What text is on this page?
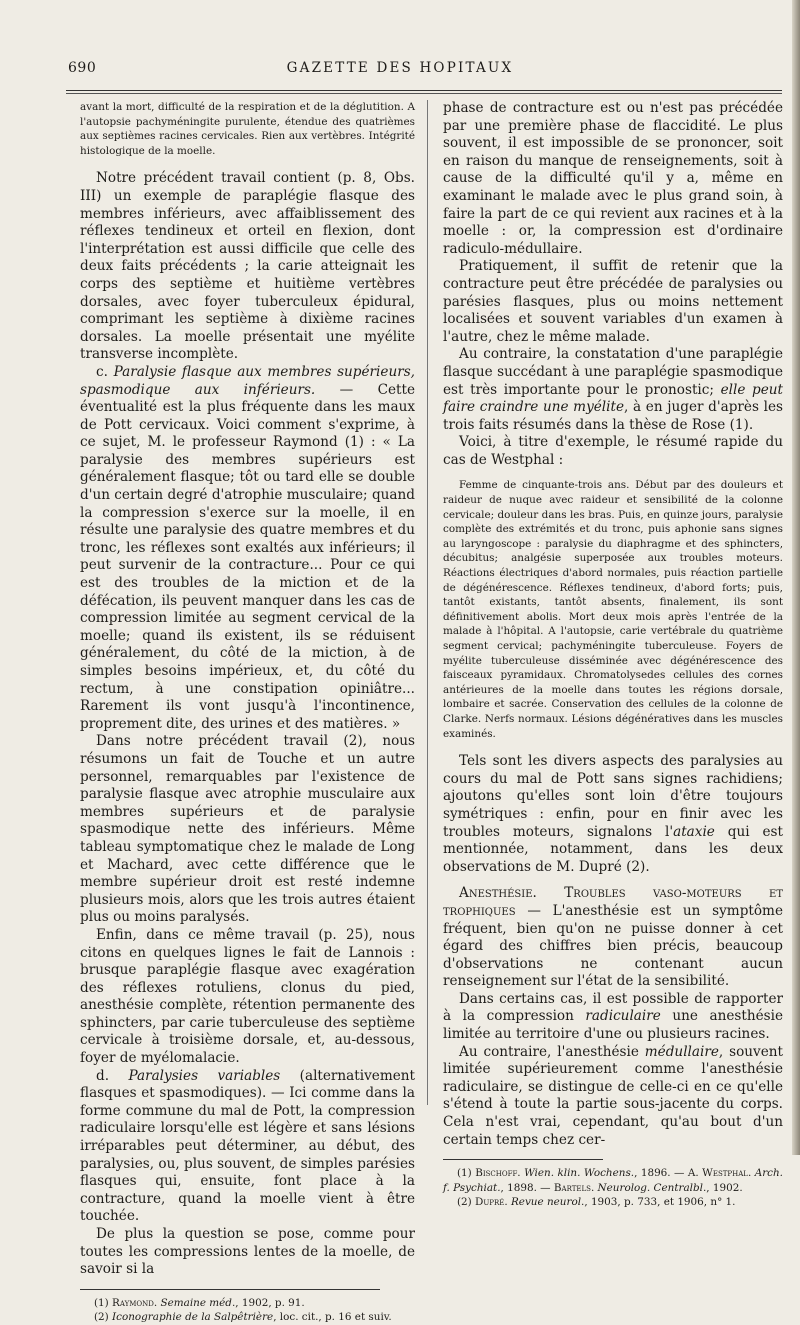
690	GAZETTE DES HOPITAUX

avant la mort, difficulté de la respiration et de la déglutition. A l'autopsie pachyméningite purulente, étendue des quatrièmes aux septièmes racines cervicales. Rien aux vertèbres. Intégrité histologique de la moelle.

Notre précédent travail contient (p. 8, Obs. III) un exemple de paraplégie flasque des membres inférieurs, avec affaiblissement des réflexes tendineux et orteil en flexion, dont l'interprétation est aussi difficile que celle des deux faits précédents ; la carie atteignait les corps des septième et huitième vertèbres dorsales, avec foyer tuberculeux épidural, comprimant les septième à dixième racines dorsales. La moelle présentait une myélite transverse incomplète.

c. Paralysie flasque aux membres supérieurs, spasmodique aux inférieurs. — Cette éventualité est la plus fréquente dans les maux de Pott cervicaux. Voici comment s'exprime, à ce sujet, M. le professeur Raymond (1) : « La paralysie des membres supérieurs est généralement flasque; tôt ou tard elle se double d'un certain degré d'atrophie musculaire; quand la compression s'exerce sur la moelle, il en résulte une paralysie des quatre membres et du tronc, les réflexes sont exaltés aux inférieurs; il peut survenir de la contracture... Pour ce qui est des troubles de la miction et de la défécation, ils peuvent manquer dans les cas de compression limitée au segment cervical de la moelle; quand ils existent, ils se réduisent généralement, du côté de la miction, à de simples besoins impérieux, et, du côté du rectum, à une constipation opiniâtre... Rarement ils vont jusqu'à l'incontinence, proprement dite, des urines et des matières. »

Dans notre précédent travail (2), nous résumons un fait de Touche et un autre personnel, remarquables par l'existence de paralysie flasque avec atrophie musculaire aux membres supérieurs et de paralysie spasmodique nette des inférieurs. Même tableau symptomatique chez le malade de Long et Machard, avec cette différence que le membre supérieur droit est resté indemne plusieurs mois, alors que les trois autres étaient plus ou moins paralysés.

Enfin, dans ce même travail (p. 25), nous citons en quelques lignes le fait de Lannois : brusque paraplégie flasque avec exagération des réflexes rotuliens, clonus du pied, anesthésie complète, rétention permanente des sphincters, par carie tuberculeuse des septième cervicale à troisième dorsale, et, au-dessous, foyer de myélomalacie.

d. Paralysies variables (alternativement flasques et spasmodiques). — Ici comme dans la forme commune du mal de Pott, la compression radiculaire lorsqu'elle est légère et sans lésions irréparables peut déterminer, au début, des paralysies, ou, plus souvent, de simples parésies flasques qui, ensuite, font place à la contracture, quand la moelle vient à être touchée.

De plus la question se pose, comme pour toutes les compressions lentes de la moelle, de savoir si la

(1) Raymond. Semaine méd., 1902, p. 91.

(2) Iconographie de la Salpêtrière, loc. cit., p. 16 et suiv.

phase de contracture est ou n'est pas précédée par une première phase de flaccidité. Le plus souvent, il est impossible de se prononcer, soit en raison du manque de renseignements, soit à cause de la difficulté qu'il y a, même en examinant le malade avec le plus grand soin, à faire la part de ce qui revient aux racines et à la moelle : or, la compression est d'ordinaire radiculo-médullaire.

Pratiquement, il suffit de retenir que la contracture peut être précédée de paralysies ou parésies flasques, plus ou moins nettement localisées et souvent variables d'un examen à l'autre, chez le même malade.

Au contraire, la constatation d'une paraplégie flasque succédant à une paraplégie spasmodique est très importante pour le pronostic; elle peut faire craindre une myélite, à en juger d'après les trois faits résumés dans la thèse de Rose (1).

Voici, à titre d'exemple, le résumé rapide du cas de Westphal :

Femme de cinquante-trois ans. Début par des douleurs et raideur de nuque avec raideur et sensibilité de la colonne cervicale; douleur dans les bras. Puis, en quinze jours, paralysie complète des extrémités et du tronc, puis aphonie sans signes au laryngoscope : paralysie du diaphragme et des sphincters, décubitus; analgésie superposée aux troubles moteurs. Réactions électriques d'abord normales, puis réaction partielle de dégénérescence. Réflexes tendineux, d'abord forts; puis, tantôt existants, tantôt absents, finalement, ils sont définitivement abolis. Mort deux mois après l'entrée de la malade à l'hôpital. A l'autopsie, carie vertébrale du quatrième segment cervical; pachyméningite tuberculeuse. Foyers de myélite tuberculeuse disséminée avec dégénérescence des faisceaux pyramidaux. Chromatolysedes cellules des cornes antérieures de la moelle dans toutes les régions dorsale, lombaire et sacrée. Conservation des cellules de la colonne de Clarke. Nerfs normaux. Lésions dégénératives dans les muscles examinés.

Tels sont les divers aspects des paralysies au cours du mal de Pott sans signes rachidiens; ajoutons qu'elles sont loin d'être toujours symétriques : enfin, pour en finir avec les troubles moteurs, signalons l'ataxie qui est mentionnée, notamment, dans les deux observations de M. Dupré (2).

Anesthésie. Troubles vaso-moteurs et trophiques — L'anesthésie est un symptôme fréquent, bien qu'on ne puisse donner à cet égard des chiffres bien précis, beaucoup d'observations ne contenant aucun renseignement sur l'état de la sensibilité.

Dans certains cas, il est possible de rapporter à la compression radiculaire une anesthésie limitée au territoire d'une ou plusieurs racines.

Au contraire, l'anesthésie médullaire, souvent limitée supérieurement comme l'anesthésie radiculaire, se distingue de celle-ci en ce qu'elle s'étend à toute la partie sous-jacente du corps. Cela n'est vrai, cependant, qu'au bout d'un certain temps chez cer-

(1) Bischoff. Wien. klin. Wochens., 1896. — A. Westphal. Arch. f. Psychiat., 1898. — Bartels. Neurolog. Centralbl., 1902.

(2) Dupré. Revue neurol., 1903, p. 733, et 1906, n° 1.
